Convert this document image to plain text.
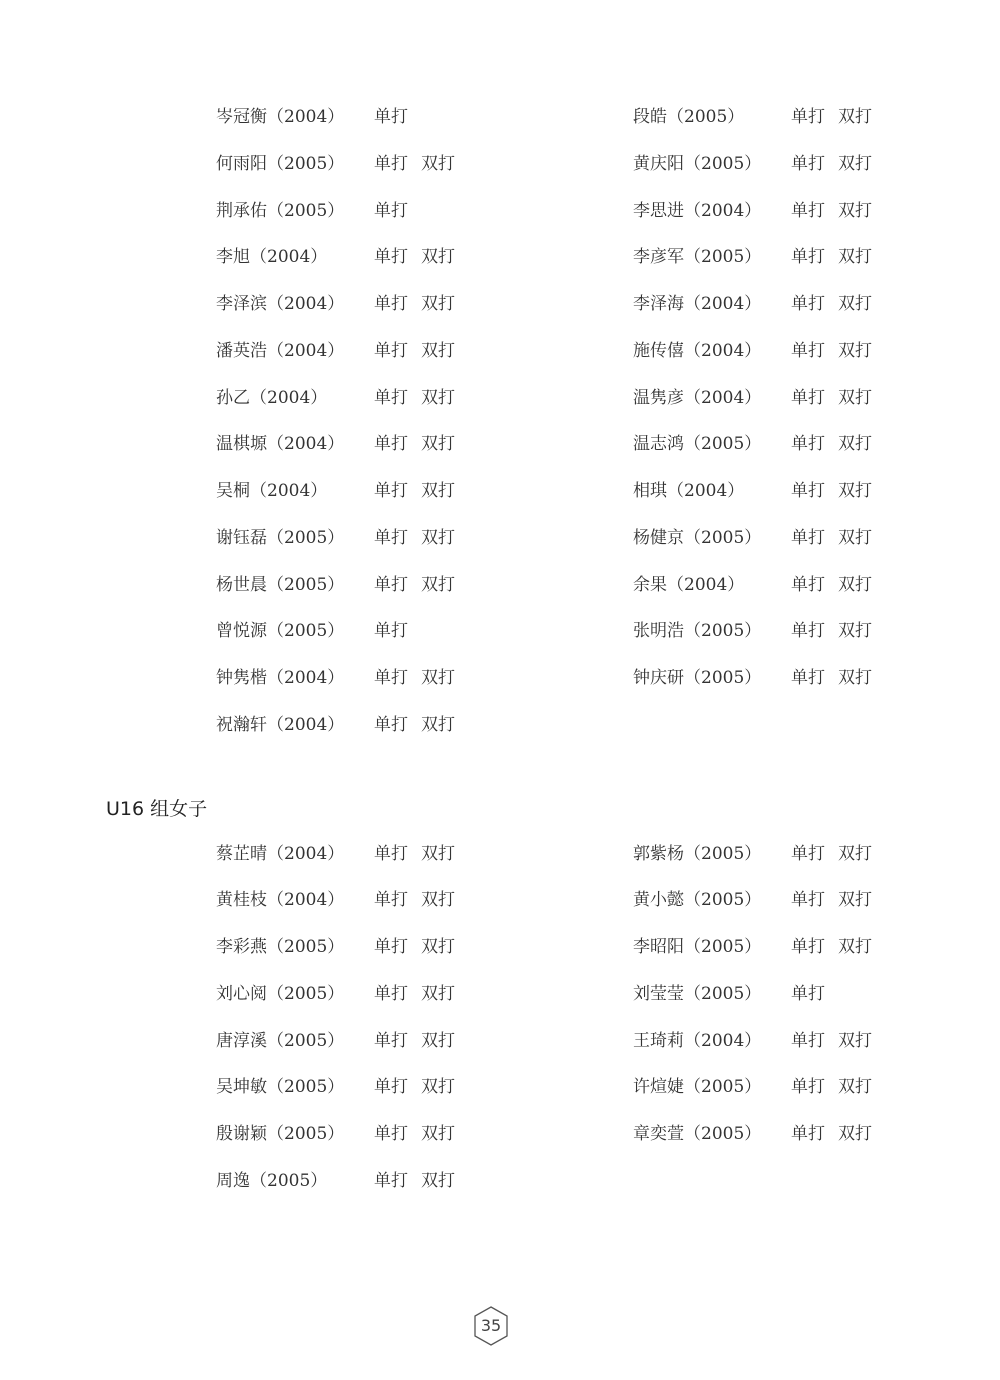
岑冠衡（2004） 单打
何雨阳（2005） 单打 双打
荆承佑（2005） 单打
李旭（2004）	单打 双打
李泽滨（2004） 单打 双打
潘英浩（2004） 单打 双打
孙乙（2004）	单打 双打
温棋塬（2004） 单打 双打
吴桐（2004）	单打 双打
谢钰磊（2005） 单打 双打
杨世晨（2005） 单打 双打
曾悦源（2005） 单打
钟隽楷（2004） 单打 双打
祝瀚轩（2004） 单打 双打
段皓（2005）	单打 双打
黄庆阳（2005） 单打 双打
李思进（2004） 单打 双打
李彦军（2005） 单打 双打
李泽海（2004） 单打 双打
施传僖（2004） 单打 双打
温隽彦（2004） 单打 双打
温志鸿（2005） 单打 双打
相琪（2004）	单打 双打
杨健京（2005） 单打 双打
余果（2004）	单打 双打
张明浩（2005） 单打 双打
钟庆研（2005） 单打 双打
U16 组女子
蔡芷晴（2004） 单打 双打
黄桂枝（2004） 单打 双打
李彩燕（2005） 单打 双打
刘心阅（2005） 单打 双打
唐淳溪（2005） 单打 双打
吴坤敏（2005） 单打 双打
殷谢颖（2005） 单打 双打
周逸（2005）	单打 双打
郭紫杨（2005） 单打 双打
黄小懿（2005） 单打 双打
李昭阳（2005） 单打 双打
刘莹莹（2005） 单打
王琦莉（2004） 单打 双打
许煊婕（2005） 单打 双打
章奕萱（2005） 单打 双打
35
